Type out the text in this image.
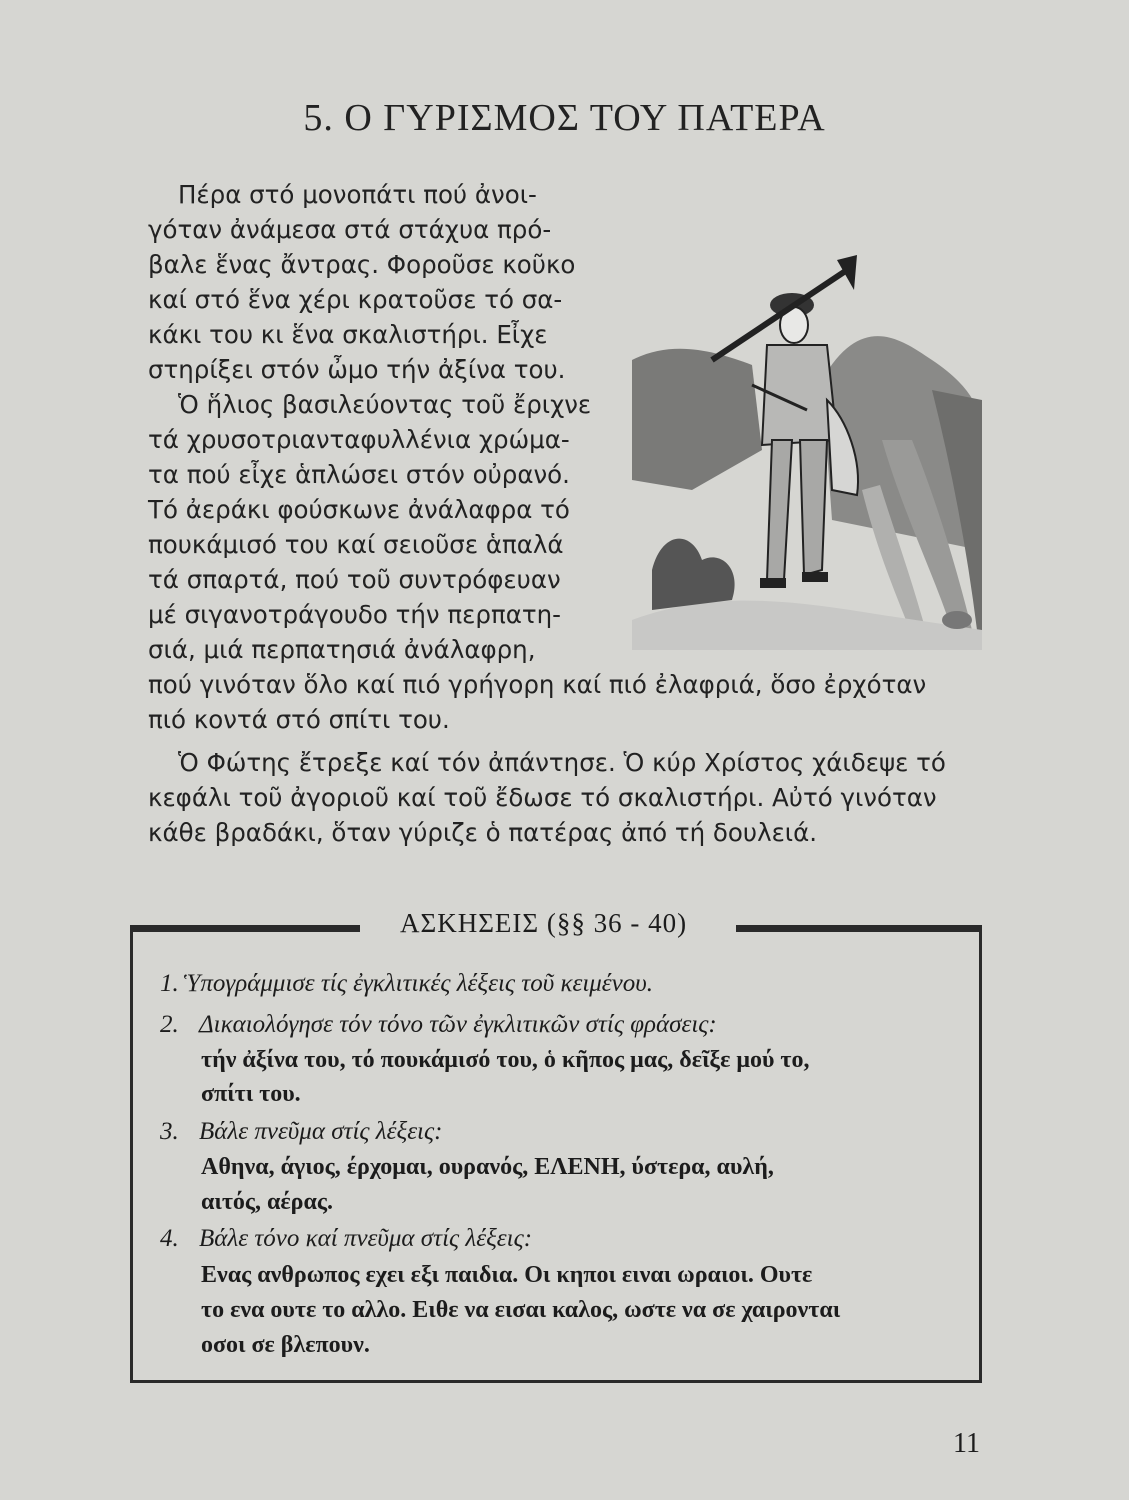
5. Ο ΓΥΡΙΣΜΟΣ ΤΟΥ ΠΑΤΕΡΑ
Πέρα στό μονοπάτι πού ἀνοι-
γόταν ἀνάμεσα στά στάχυα πρό-
βαλε ἕνας ἄντρας. Φοροῦσε κοῦκο
καί στό ἕνα χέρι κρατοῦσε τό σα-
κάκι του κι ἕνα σκαλιστήρι. Εἶχε
στηρίξει στόν ὦμο τήν ἀξίνα του.
Ὁ ἥλιος βασιλεύοντας τοῦ ἔριχνε
τά χρυσοτριανταφυλλένια χρώμα-
τα πού εἶχε ἁπλώσει στόν οὐρανό.
Τό ἀεράκι φούσκωνε ἀνάλαφρα τό
πουκάμισό του καί σειοῦσε ἁπαλά
τά σπαρτά, πού τοῦ συντρόφευαν
μέ σιγανοτράγουδο τήν περπατη-
σιά, μιά περπατησιά ἀνάλαφρη,
πού γινόταν ὅλο καί πιό γρήγορη καί πιό ἐλαφριά, ὅσο ἐρχόταν
πιό κοντά στό σπίτι του.
Ὁ Φώτης ἔτρεξε καί τόν ἀπάντησε. Ὁ κύρ Χρίστος χάιδεψε τό
κεφάλι τοῦ ἀγοριοῦ καί τοῦ ἔδωσε τό σκαλιστήρι. Αὐτό γινόταν
κάθε βραδάκι, ὅταν γύριζε ὁ πατέρας ἀπό τή δουλειά.
ΑΣΚΗΣΕΙΣ (§§ 36 - 40)
1. Ὑπογράμμισε τίς ἐγκλιτικές λέξεις τοῦ κειμένου.
2. Δικαιολόγησε τόν τόνο τῶν ἐγκλιτικῶν στίς φράσεις:
τήν ἀξίνα του, τό πουκάμισό του, ὁ κῆπος μας, δεῖξε μού το,
σπίτι του.
3. Βάλε πνεῦμα στίς λέξεις:
Αθηνα, άγιος, έρχομαι, ουρανός, ΕΛΕΝΗ, ύστερα, αυλή,
αιτός, αέρας.
4. Βάλε τόνο καί πνεῦμα στίς λέξεις:
Ενας ανθρωπος εχει εξι παιδια. Οι κηποι ειναι ωραιοι. Ουτε
το ενα ουτε το αλλο. Ειθε να εισαι καλος, ωστε να σε χαιρονται
οσοι σε βλεπουν.
11
